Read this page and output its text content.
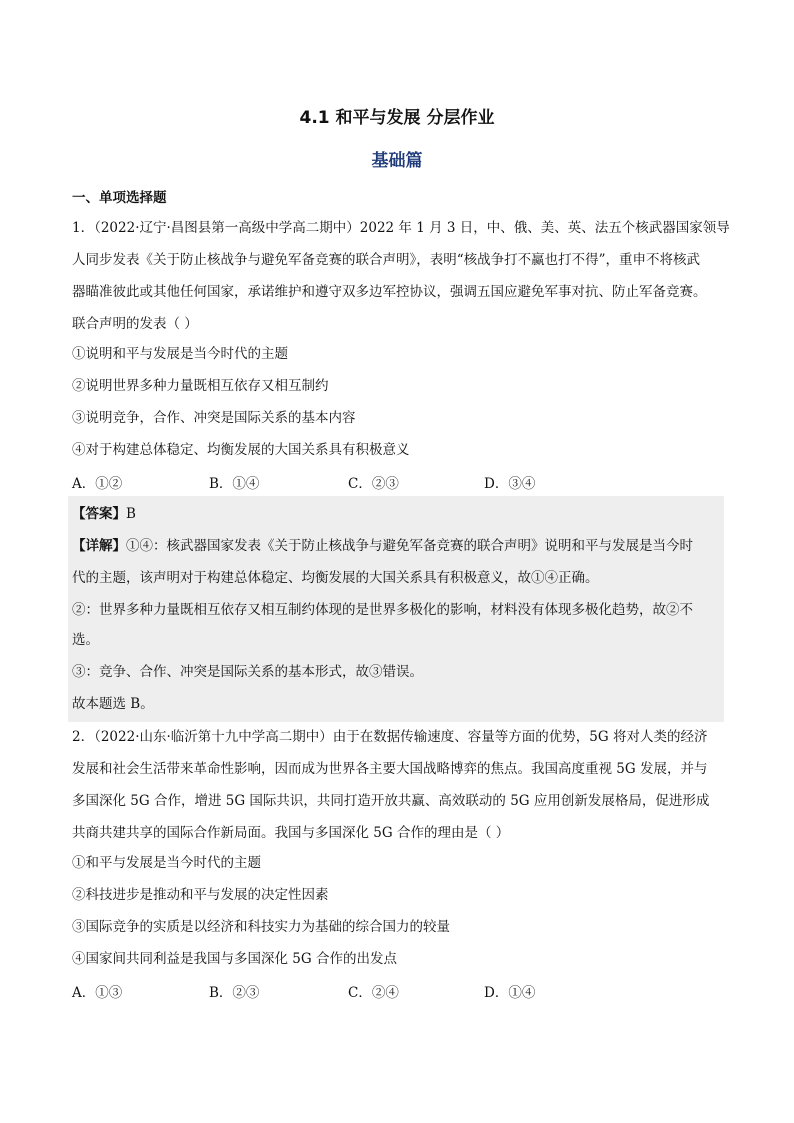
4.1 和平与发展 分层作业
基础篇
一、单项选择题
1．（2022·辽宁·昌图县第一高级中学高二期中）2022 年 1 月 3 日，中、俄、美、英、法五个核武器国家领导
人同步发表《关于防止核战争与避免军备竞赛的联合声明》，表明“核战争打不赢也打不得”，重申不将核武
器瞄准彼此或其他任何国家，承诺维护和遵守双多边军控协议，强调五国应避免军事对抗、防止军备竞赛。
联合声明的发表（ ）
①说明和平与发展是当今时代的主题
②说明世界多种力量既相互依存又相互制约
③说明竞争，合作、冲突是国际关系的基本内容
④对于构建总体稳定、均衡发展的大国关系具有积极意义
A．①②	B．①④	C．②③	D．③④
【答案】B
【详解】①④：核武器国家发表《关于防止核战争与避免军备竞赛的联合声明》说明和平与发展是当今时
代的主题，该声明对于构建总体稳定、均衡发展的大国关系具有积极意义，故①④正确。
②：世界多种力量既相互依存又相互制约体现的是世界多极化的影响，材料没有体现多极化趋势，故②不
选。
③：竞争、合作、冲突是国际关系的基本形式，故③错误。
故本题选 B。
2．（2022·山东·临沂第十九中学高二期中）由于在数据传输速度、容量等方面的优势，5G 将对人类的经济
发展和社会生活带来革命性影响，因而成为世界各主要大国战略博弈的焦点。我国高度重视 5G 发展，并与
多国深化 5G 合作，增进 5G 国际共识，共同打造开放共赢、高效联动的 5G 应用创新发展格局，促进形成
共商共建共享的国际合作新局面。我国与多国深化 5G 合作的理由是（ ）
①和平与发展是当今时代的主题
②科技进步是推动和平与发展的决定性因素
③国际竞争的实质是以经济和科技实力为基础的综合国力的较量
④国家间共同利益是我国与多国深化 5G 合作的出发点
A．①③	B．②③	C．②④	D．①④
